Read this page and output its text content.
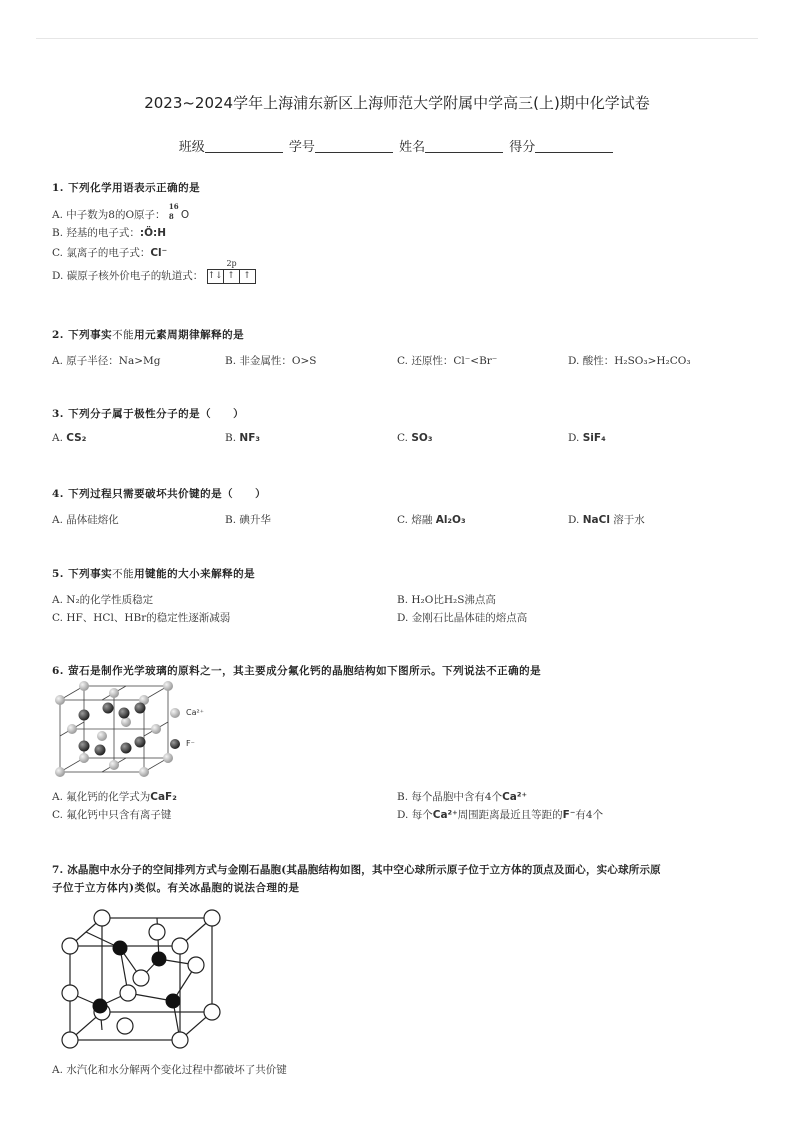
2023~2024学年上海浦东新区上海师范大学附属中学高三(上)期中化学试卷
班级	学号	姓名	得分
1. 下列化学用语表示正确的是
A. 中子数为8的O原子：
16
8 O
B. 羟基的电子式：:Ö:H
C. 氯离子的电子式：Cl⁻
D. 碳原子核外价电子的轨道式：
2p
↑↓ ↑ ↑
2. 下列事实不能用元素周期律解释的是
A. 原子半径：Na>Mg	B. 非金属性：O>S	C. 还原性：Cl⁻<Br⁻	D. 酸性：H₂SO₃>H₂CO₃
3. 下列分子属于极性分子的是（　　）
A. CS₂	B. NF₃	C. SO₃	D. SiF₄
4. 下列过程只需要破坏共价键的是（　　）
A. 晶体硅熔化	B. 碘升华	C. 熔融 Al₂O₃	D. NaCl 溶于水
5. 下列事实不能用键能的大小来解释的是
A. N₂的化学性质稳定	B. H₂O比H₂S沸点高
C. HF、HCl、HBr的稳定性逐渐减弱	D. 金刚石比晶体硅的熔点高
6. 萤石是制作光学玻璃的原料之一，其主要成分氟化钙的晶胞结构如下图所示。下列说法不正确的是
Ca²⁺
F⁻
A. 氟化钙的化学式为CaF₂	B. 每个晶胞中含有4个Ca²⁺
C. 氟化钙中只含有离子键	D. 每个Ca²⁺周围距离最近且等距的F⁻有4个
7. 冰晶胞中水分子的空间排列方式与金刚石晶胞(其晶胞结构如图，其中空心球所示原子位于立方体的顶点及面心，实心球所示原
子位于立方体内)类似。有关冰晶胞的说法合理的是
A. 水汽化和水分解两个变化过程中都破坏了共价键
